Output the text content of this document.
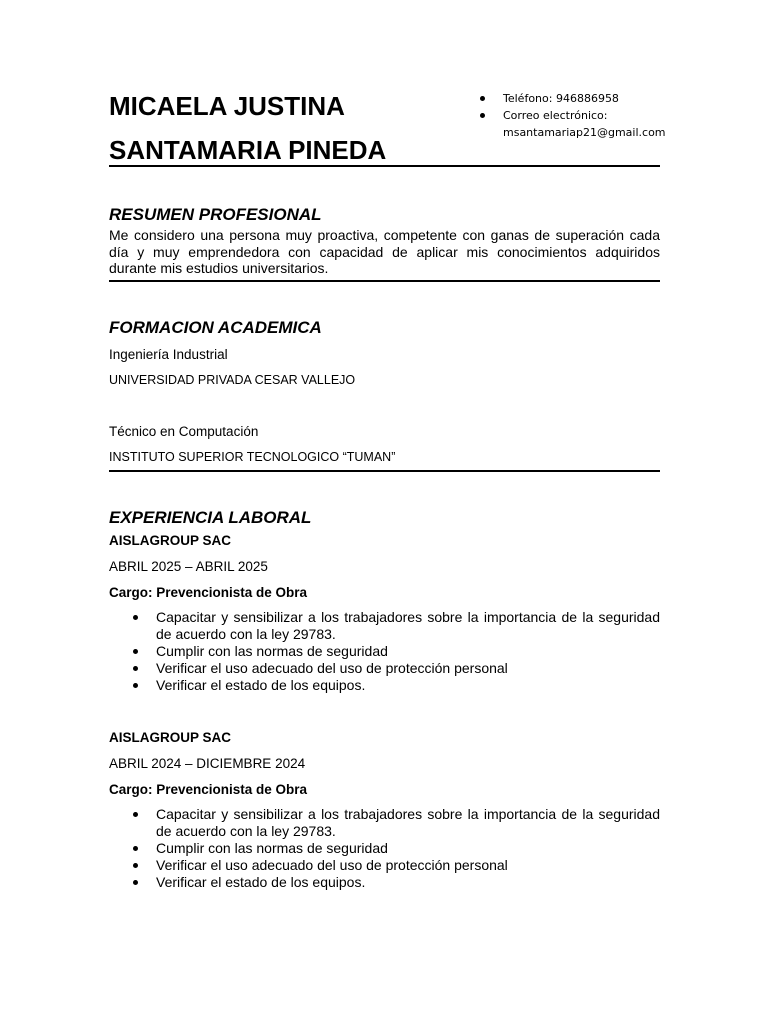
MICAELA JUSTINA
SANTAMARIA PINEDA
Teléfono: 946886958
Correo electrónico:
msantamariap21@gmail.com
RESUMEN PROFESIONAL

Me considero una persona muy proactiva, competente con ganas de superación cada día y muy emprendedora con capacidad de aplicar mis conocimientos adquiridos durante mis estudios universitarios.

FORMACION ACADEMICA
Ingeniería Industrial
UNIVERSIDAD PRIVADA CESAR VALLEJO
Técnico en Computación
INSTITUTO SUPERIOR TECNOLOGICO “TUMAN”
EXPERIENCIA LABORAL
AISLAGROUP SAC
ABRIL 2025 – ABRIL 2025
Cargo: Prevencionista de Obra
Capacitar y sensibilizar a los trabajadores sobre la importancia de la seguridad de acuerdo con la ley 29783.
Cumplir con las normas de seguridad
Verificar el uso adecuado del uso de protección personal
Verificar el estado de los equipos.
AISLAGROUP SAC
ABRIL 2024 – DICIEMBRE 2024
Cargo: Prevencionista de Obra
Capacitar y sensibilizar a los trabajadores sobre la importancia de la seguridad de acuerdo con la ley 29783.
Cumplir con las normas de seguridad
Verificar el uso adecuado del uso de protección personal
Verificar el estado de los equipos.
